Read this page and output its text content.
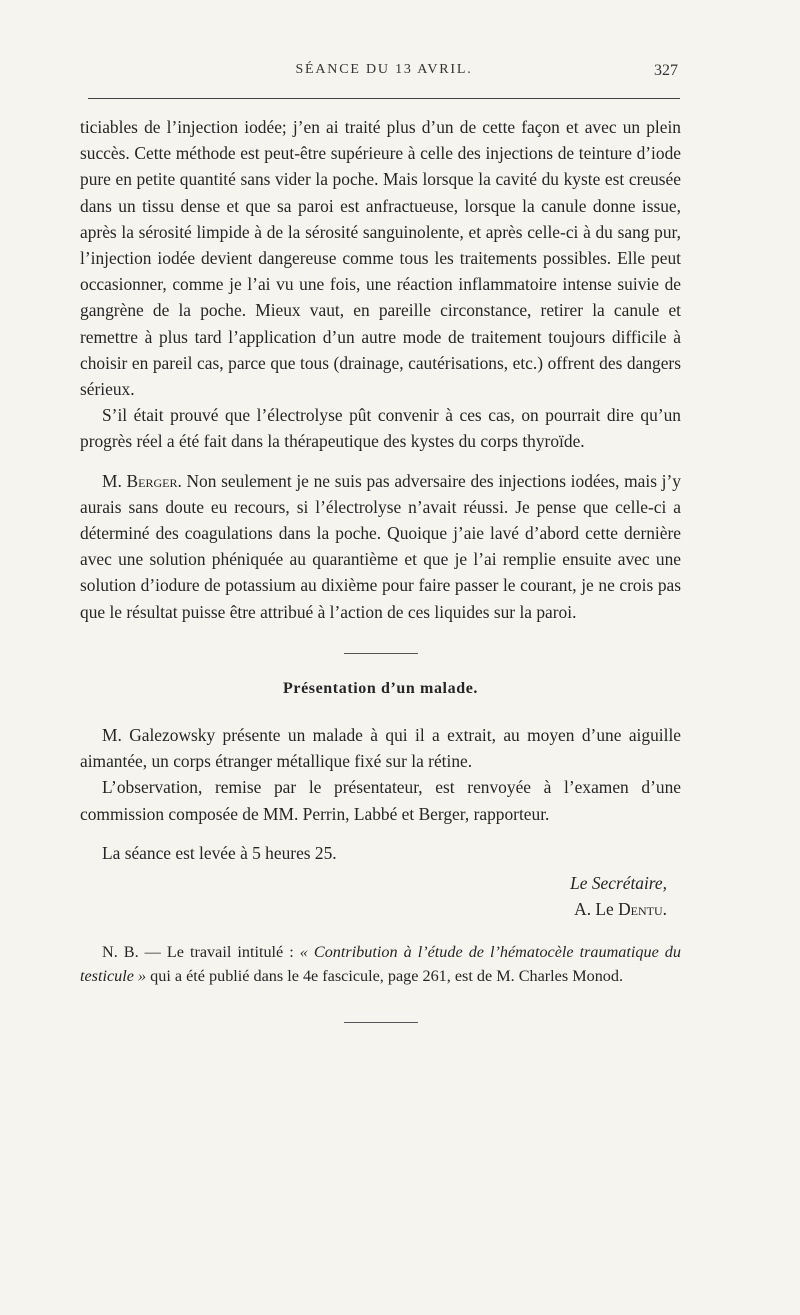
SÉANCE DU 13 AVRIL.	327

ticiables de l’injection iodée; j’en ai traité plus d’un de cette façon et avec un plein succès. Cette méthode est peut-être supérieure à celle des injections de teinture d’iode pure en petite quantité sans vider la poche. Mais lorsque la cavité du kyste est creusée dans un tissu dense et que sa paroi est anfractueuse, lorsque la canule donne issue, après la sérosité limpide à de la sérosité sanguinolente, et après celle-ci à du sang pur, l’injection iodée devient dangereuse comme tous les traitements possibles. Elle peut occasionner, comme je l’ai vu une fois, une réaction inflammatoire intense suivie de gangrène de la poche. Mieux vaut, en pareille circonstance, retirer la canule et remettre à plus tard l’application d’un autre mode de traitement toujours difficile à choisir en pareil cas, parce que tous (drainage, cautérisations, etc.) offrent des dangers sérieux.

S’il était prouvé que l’électrolyse pût convenir à ces cas, on pourrait dire qu’un progrès réel a été fait dans la thérapeutique des kystes du corps thyroïde.

M. Berger. Non seulement je ne suis pas adversaire des injections iodées, mais j’y aurais sans doute eu recours, si l’électrolyse n’avait réussi. Je pense que celle-ci a déterminé des coagulations dans la poche. Quoique j’aie lavé d’abord cette dernière avec une solution phéniquée au quarantième et que je l’ai remplie ensuite avec une solution d’iodure de potassium au dixième pour faire passer le courant, je ne crois pas que le résultat puisse être attribué à l’action de ces liquides sur la paroi.

Présentation d’un malade.

M. Galezowsky présente un malade à qui il a extrait, au moyen d’une aiguille aimantée, un corps étranger métallique fixé sur la rétine.

L’observation, remise par le présentateur, est renvoyée à l’examen d’une commission composée de MM. Perrin, Labbé et Berger, rapporteur.

La séance est levée à 5 heures 25.

Le Secrétaire,

A. Le Dentu.

N. B. — Le travail intitulé : « Contribution à l’étude de l’hématocèle traumatique du testicule » qui a été publié dans le 4e fascicule, page 261, est de M. Charles Monod.
